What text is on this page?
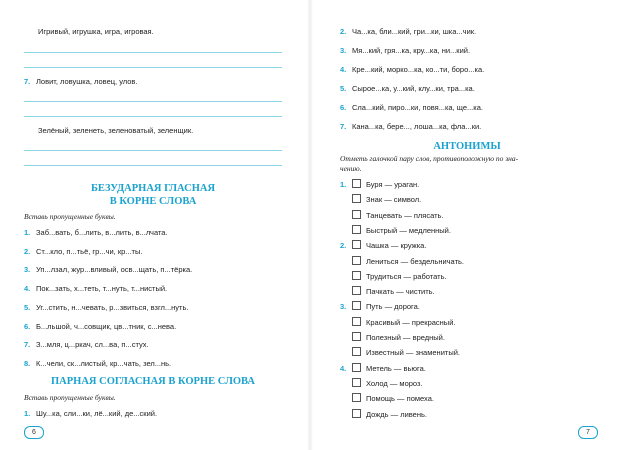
Игривый, игрушка, игра, игровая.
7. Ловит, ловушка, ловец, улов.
Зелёный, зеленеть, зеленоватый, зеленщик.
БЕЗУДАРНАЯ ГЛАСНАЯ
В КОРНЕ СЛОВА
Вставь пропущенные буквы.
1. Заб...вать, б...лить, в...лить, в...лчата.
2. Ст...кло, п...тьё, гр...чи, кр...ты.
3. Уп...лзал, жур...вливый, осв...щать, п...тёрка.
4. Пок...зать, х...теть, т...нуть, т...нистый.
5. Уг...стить, н...чевать, р...звиться, взгл...нуть.
6. Б...льшой, ч...совщик, цв...тник, с...нева.
7. З...мля, ц...ркач, сл...ва, п...стух.
8. К...чели, ск...листый, кр...чать, зел...нь.
ПАРНАЯ СОГЛАСНАЯ В КОРНЕ СЛОВА
Вставь пропущенные буквы.
1. Шу...ка, сли...ки, лё...кий, де...ский.
6
2. Ча...ка, бли...кий, гри...ки, шка...чик.
3. Мя...кий, гря...ка, кру...ка, ни...кий.
4. Кре...кий, морко...ка, ко...ти, боро...ка.
5. Сыроe...ка, у...кий, клу...ки, тра...ка.
6. Сла...кий, пиро...ки, повя...ка, ще...ка.
7. Кана...ка, бере..., лоша...ка, фла...ки.
АНТОНИМЫ
Отметь галочкой пару слов, противоположную по зна-
чению.
1.	Буря — ураган.
Знак — символ.
Танцевать — плясать.
Быстрый — медленный.
2.	Чашка — кружка.
Лениться — бездельничать.
Трудиться — работать.
Пачкать — чистить.
3.	Путь — дорога.
Красивый — прекрасный.
Полезный — вредный.
Известный — знаменитый.
4.	Метель — вьюга.
Холод — мороз.
Помощь — помеха.
Дождь — ливень.
7
